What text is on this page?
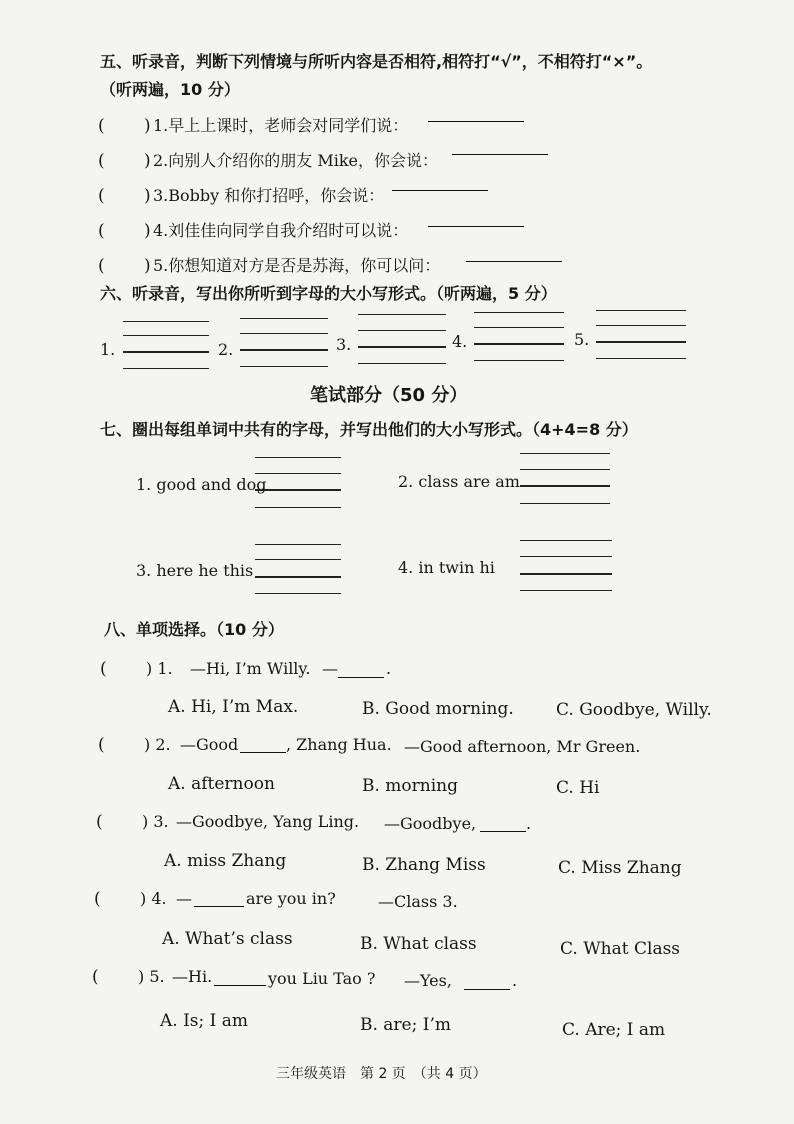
五、听录音，判断下列情境与所听内容是否相符,相符打“√”，不相符打“×”。
（听两遍，10 分）
( ) 1.早上上课时，老师会对同学们说：
( ) 2.向别人介绍你的朋友 Mike，你会说：
( ) 3.Bobby 和你打招呼，你会说：
( ) 4.刘佳佳向同学自我介绍时可以说：
( ) 5.你想知道对方是否是苏海，你可以问：
六、听录音，写出你所听到字母的大小写形式。（听两遍，5 分）
1.	2.	3.	4.	5.
笔试部分（50 分）
七、圈出每组单词中共有的字母，并写出他们的大小写形式。（4+4=8 分）
1. good and dog	2. class are am
3. here he this	4. in twin hi
八、单项选择。（10 分）
( ) 1. —Hi, I’m Willy. —	.
A. Hi, I’m Max.	B. Good morning. C. Goodbye, Willy.
( ) 2. —Good	, Zhang Hua. —Good afternoon, Mr Green.
A. afternoon	B. morning	C. Hi
( ) 3. —Goodbye, Yang Ling. —Goodbye,	.
A. miss Zhang	B. Zhang Miss	C. Miss Zhang
( ) 4. —	are you in?	—Class 3.
A. What’s class	B. What class	C. What Class
( ) 5. —Hi.	you Liu Tao ? —Yes,	.
A. Is; I am	B. are; I’m	C. Are; I am
三年级英语　第 2 页　（共 4 页）
